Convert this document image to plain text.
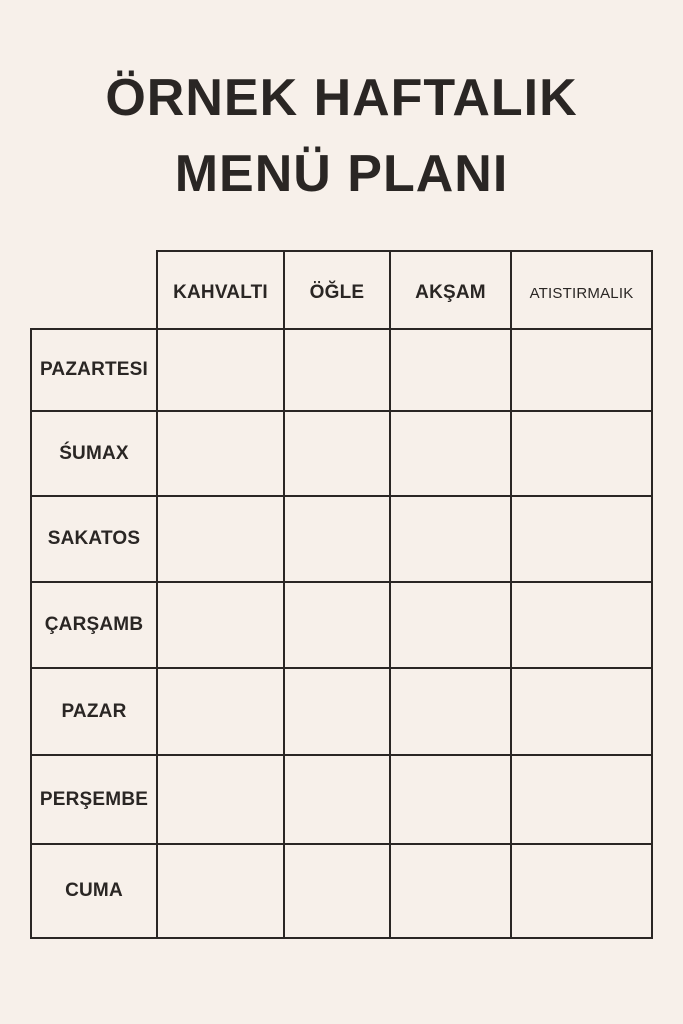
ÖRNEK HAFTALIK
MENÜ PLANI
KAHVALTI ÖĞLE	AKŞAM	ATISTIRMALIK
PAZARTESI
ŚUMAX
SAKATOS
ÇARŞAMB
PAZAR
PERŞEMBE
CUMA
